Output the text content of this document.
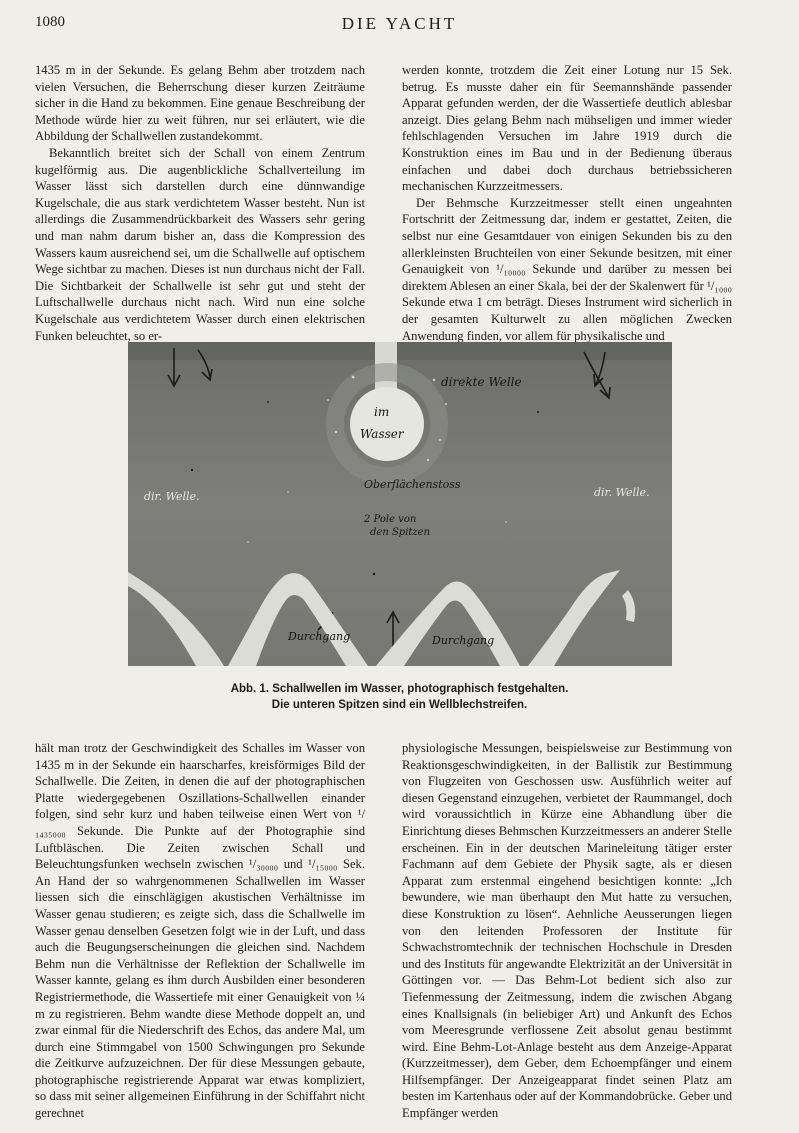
1080	DIE YACHT

1435 m in der Sekunde. Es gelang Behm aber trotzdem nach vielen Versuchen, die Beherrschung dieser kurzen Zeiträume sicher in die Hand zu bekommen. Eine genaue Beschreibung der Methode würde hier zu weit führen, nur sei erläutert, wie die Abbildung der Schallwellen zustandekommt.

Bekanntlich breitet sich der Schall von einem Zentrum kugelförmig aus. Die augenblickliche Schallverteilung im Wasser lässt sich darstellen durch eine dünnwandige Kugelschale, die aus stark verdichtetem Wasser besteht. Nun ist allerdings die Zusammendrückbarkeit des Wassers sehr gering und man nahm darum bisher an, dass die Kompression des Wassers kaum ausreichend sei, um die Schallwelle auf optischem Wege sichtbar zu machen. Dieses ist nun durchaus nicht der Fall. Die Sichtbarkeit der Schallwelle ist sehr gut und steht der Luftschallwelle durchaus nicht nach. Wird nun eine solche Kugelschale aus verdichtetem Wasser durch einen elektrischen Funken beleuchtet, so er-

werden konnte, trotzdem die Zeit einer Lotung nur 15 Sek. betrug. Es musste daher ein für Seemannshände passender Apparat gefunden werden, der die Wassertiefe deutlich ablesbar anzeigt. Dies gelang Behm nach mühseligen und immer wieder fehlschlagenden Versuchen im Jahre 1919 durch die Konstruktion eines im Bau und in der Bedienung überaus einfachen und dabei doch durchaus betriebssicheren mechanischen Kurzzeitmessers.

Der Behmsche Kurzzeitmesser stellt einen ungeahnten Fortschritt der Zeitmessung dar, indem er gestattet, Zeiten, die selbst nur eine Gesamtdauer von einigen Sekunden bis zu den allerkleinsten Bruchteilen von einer Sekunde besitzen, mit einer Genauigkeit von ¹/₁₀₀₀₀ Sekunde und darüber zu messen bei direktem Ablesen an einer Skala, bei der der Skalenwert für ¹/₁₀₀₀ Sekunde etwa 1 cm beträgt. Dieses Instrument wird sicherlich in der gesamten Kulturwelt zu allen möglichen Zwecken Anwendung finden, vor allem für physikalische und

direkte Welle
im
Wasser
dir. Welle.	dir. Welle.
Oberflächenstoss
2 Pole von
den Spitzen
Durchgang	Durchgang
Abb. 1. Schallwellen im Wasser, photographisch festgehalten.
Die unteren Spitzen sind ein Wellblechstreifen.

hält man trotz der Geschwindigkeit des Schalles im Wasser von 1435 m in der Sekunde ein haarscharfes, kreisförmiges Bild der Schallwelle. Die Zeiten, in denen die auf der photographischen Platte wiedergegebenen Oszillations-Schallwellen einander folgen, sind sehr kurz und haben teilweise einen Wert von ¹/₁₄₃₅₀₀₀ Sekunde. Die Punkte auf der Photographie sind Luftbläschen. Die Zeiten zwischen Schall und Beleuchtungsfunken wechseln zwischen ¹/₃₀₀₀₀ und ¹/₁₅₀₀₀ Sek. An Hand der so wahrgenommenen Schallwellen im Wasser liessen sich die einschlägigen akustischen Verhältnisse im Wasser genau studieren; es zeigte sich, dass die Schallwelle im Wasser genau denselben Gesetzen folgt wie in der Luft, und dass auch die Beugungserscheinungen die gleichen sind. Nachdem Behm nun die Verhältnisse der Reflektion der Schallwelle im Wasser kannte, gelang es ihm durch Ausbilden einer besonderen Registriermethode, die Wassertiefe mit einer Genauigkeit von ¼ m zu registrieren. Behm wandte diese Methode doppelt an, und zwar einmal für die Niederschrift des Echos, das andere Mal, um durch eine Stimmgabel von 1500 Schwingungen pro Sekunde die Zeitkurve aufzuzeichnen. Der für diese Messungen gebaute, photographische registrierende Apparat war etwas kompliziert, so dass mit seiner allgemeinen Einführung in der Schiffahrt nicht gerechnet

physiologische Messungen, beispielsweise zur Bestimmung von Reaktionsgeschwindigkeiten, in der Ballistik zur Bestimmung von Flugzeiten von Geschossen usw. Ausführlich weiter auf diesen Gegenstand einzugehen, verbietet der Raummangel, doch wird voraussichtlich in Kürze eine Abhandlung über die Einrichtung dieses Behmschen Kurzzeitmessers an anderer Stelle erscheinen. Ein in der deutschen Marineleitung tätiger erster Fachmann auf dem Gebiete der Physik sagte, als er diesen Apparat zum erstenmal eingehend besichtigen konnte: „Ich bewundere, wie man überhaupt den Mut hatte zu versuchen, diese Konstruktion zu lösen“. Aehnliche Aeusserungen liegen von den leitenden Professoren der Institute für Schwachstromtechnik der technischen Hochschule in Dresden und des Instituts für angewandte Elektrizität an der Universität in Göttingen vor. — Das Behm-Lot bedient sich also zur Tiefenmessung der Zeitmessung, indem die zwischen Abgang eines Knallsignals (in beliebiger Art) und Ankunft des Echos vom Meeresgrunde verflossene Zeit absolut genau bestimmt wird. Eine Behm-Lot-Anlage besteht aus dem Anzeige-Apparat (Kurzzeitmesser), dem Geber, dem Echoempfänger und einem Hilfsempfänger. Der Anzeigeapparat findet seinen Platz am besten im Kartenhaus oder auf der Kommandobrücke. Geber und Empfänger werden
